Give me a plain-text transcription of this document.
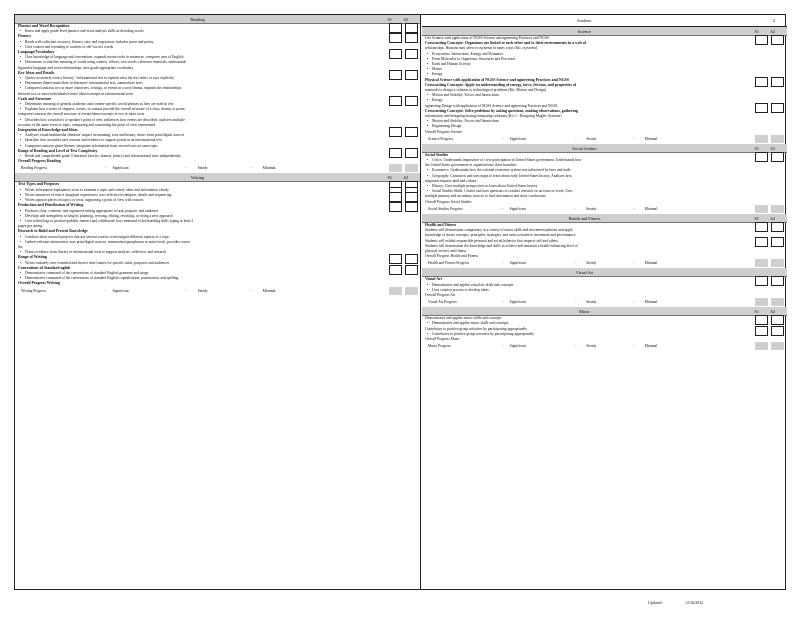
Reading	S1	S2
Phonics and Word Recognition
• Know and apply grade-level phonics and word analysis skills in decoding words
Fluency
• Reads with sufficient accuracy, fluency, rate, and expression; includes prose and poetry
• Uses context and rereading to confirm or self-correct words
Language/Vocabulary
• Uses knowledge of language and conventions, expands nouns/verbs in sentences, compares uses of English
• Determines or clarifies meaning of words using context, affixes, root words, reference materials; understands
figurative language and word relationships, uses grade appropriate vocabulary
Key Ideas and Details
• Quotes accurately from a literary / informational text to explain what the text infers or says explicitly
• Determines theme/main ideas in literature/ informational text, summarizes texts
• Compares/contrasts two or more characters, settings, or events in a story/drama, explains the relationships
between two or more individuals/events/ ideas/concepts in informational texts
Craft and Structure
• Determines meaning of general academic and content-specific words/phrases as they are used in text
• Explains how a series of chapters, scenes, or stanzas provide the overall structure of a story, drama, or poem,
compares/contrasts the overall structure of events/ideas/concepts in two or more texts
• Describes how a narrator's or speaker's point of view influences how events are described, analyzes multiple
accounts of the same event or topic, comparing and contrasting the point of view represented
Integration of Knowledge and Ideas
• Analyzes visual/multimedia elements' impact on meaning, tone and beauty, draws from print/digital sources
• Identifies how an author uses reasons and evidence to support points in an informational text
• Compares/contrasts genre/themes, integrates information from several texts on same topic
Range of Reading and Level of Text Complexity
• Reads and comprehends grade 5 literature (stories, dramas, poetry) and informational texts independently
Overall Progress Reading
Reading Progress	- Significant	-	Steady	-	Minimal
Writing	S1	S2
Text Types and Purposes
• Writes informative/explanatory texts to examine a topic and convey ideas and information clearly
• Writes narratives of real or imagined experiences, uses effective techniques, details and sequencing
• Writes opinion pieces on topics or texts, supporting a point of view with reasons
Production and Distribution of Writing
• Produces clear, coherent, and organized writing appropriate to task, purpose, and audience
• Develops and strengthens writing by planning, revising, editing, rewriting, or trying a new approach
• Uses technology to produce/publish, interact and collaborate; has command of keyboarding skills typing at least 2
pages per sitting
Research to Build and Present Knowledge
• Conducts short research projects that use several sources to investigate different aspects of a topic
• Gathers relevant information, uses print/digital sources, summarizes/paraphrases in notes/work, provides source
list
• Draws evidence from literary or informational texts to support analysis, reflection, and research
Range of Writing
• Writes routinely over extended and shorter time frames for specific tasks, purposes and audiences
Conventions of Standard nglish
• Demonstrates command of the conventions of standard English grammar and usage
• Demonstrates command of the conventions of standard English capitalization, punctuation, and spelling
Overall Progress Writing
Writing Progress	- Significant	-	Steady	-	Minimal
Student:	2
Science	S1	S2
Life Science with application of NGSS Science and ngineering Practices and NGSS
Crosscutting Concepts: Organisms are linked to each other and to their environments in a web of
relationships. Humans may affect ecosystems in many ways (Kit: osystems)
• Ecosystems: Interactions, Energy and Dynamics
• From Molecules to Organisms: Structures and Processes
• Earth and Human Activity
• Matter
• Energy
Physical Science with application of NGSS Science and ngineering Practices and NGSS
Crosscutting Concepts: Apply an understanding of energy, force, friction, and properties of
materials to design a solution to technological problems (Kit: Motion and Design)
• Motion and Stability: Forces and Interactions
• Energy
ngineering Design with application of NGSS Science and ngineering Practices and NGSS
Crosscutting Concepts: Solve problems by asking questions, making observations, gathering
information, and designing/testing/computing solutions (Kit: l - Designing Maglev Systems)
• Motion and Stability: Forces and Interactions
• Engineering Design
Overall Progress Science
Science Progress	- Significant	-	Steady	-	Minimal
Social Studies	S1	S2
Social Studies
• Civics: Understands importance of civic participation in United States government, Understands how
the United States government is organized into three branches
• Economics: Understands how the colonial economic system was influenced by laws and trade
• Geography: Constructs and uses maps to learn about early United States history, Analyzes how
migration impacts land and culture
• History: Uses multiple perspectives to learn about United States history
• Social Studies Skills: Creates and uses questions to conduct research on an issue or event, Uses
multiple primary and secondary sources to find information and draw conclusions
Overall Progress Social Studies
Social Studies Progress	- Significant	-	Steady	-	Minimal
Health and Fitness	S1	S2
Health and Fitness
Students will demonstrate competency in a variety of motor skills and movement patterns and apply
knowledge of motor concepts, principles, strategies, and tactics related to movement and performance.
Students will exhibit responsible personal and social behavior that respects self and others.
Students will demonstrate the knowledge and skills to achieve and maintain a health-enhancing level of
physical activity and fitness.
Overall Progress Health and Fitness
Health and Fitness Progress	- Significant	-	Steady	-	Minimal
Visual Art
Visual Art
• Demonstrates and applies visual art skills and concepts
• Uses creative process to develop ideas
Overall Progress Art
Visual Art Progress	- Significant	-	Steady	-	Minimal
Music	S1	S2
Demonstrates and applies music skills and concepts
• Demonstrates and applies music skills and concepts
Contributes to positive group activities by participating appropriately
• Contributes to positive group activities by participating appropriately
Overall Progress Music
Music Progress	- Significant	-	Steady	-	Minimal
Updated:	12/16/2022
